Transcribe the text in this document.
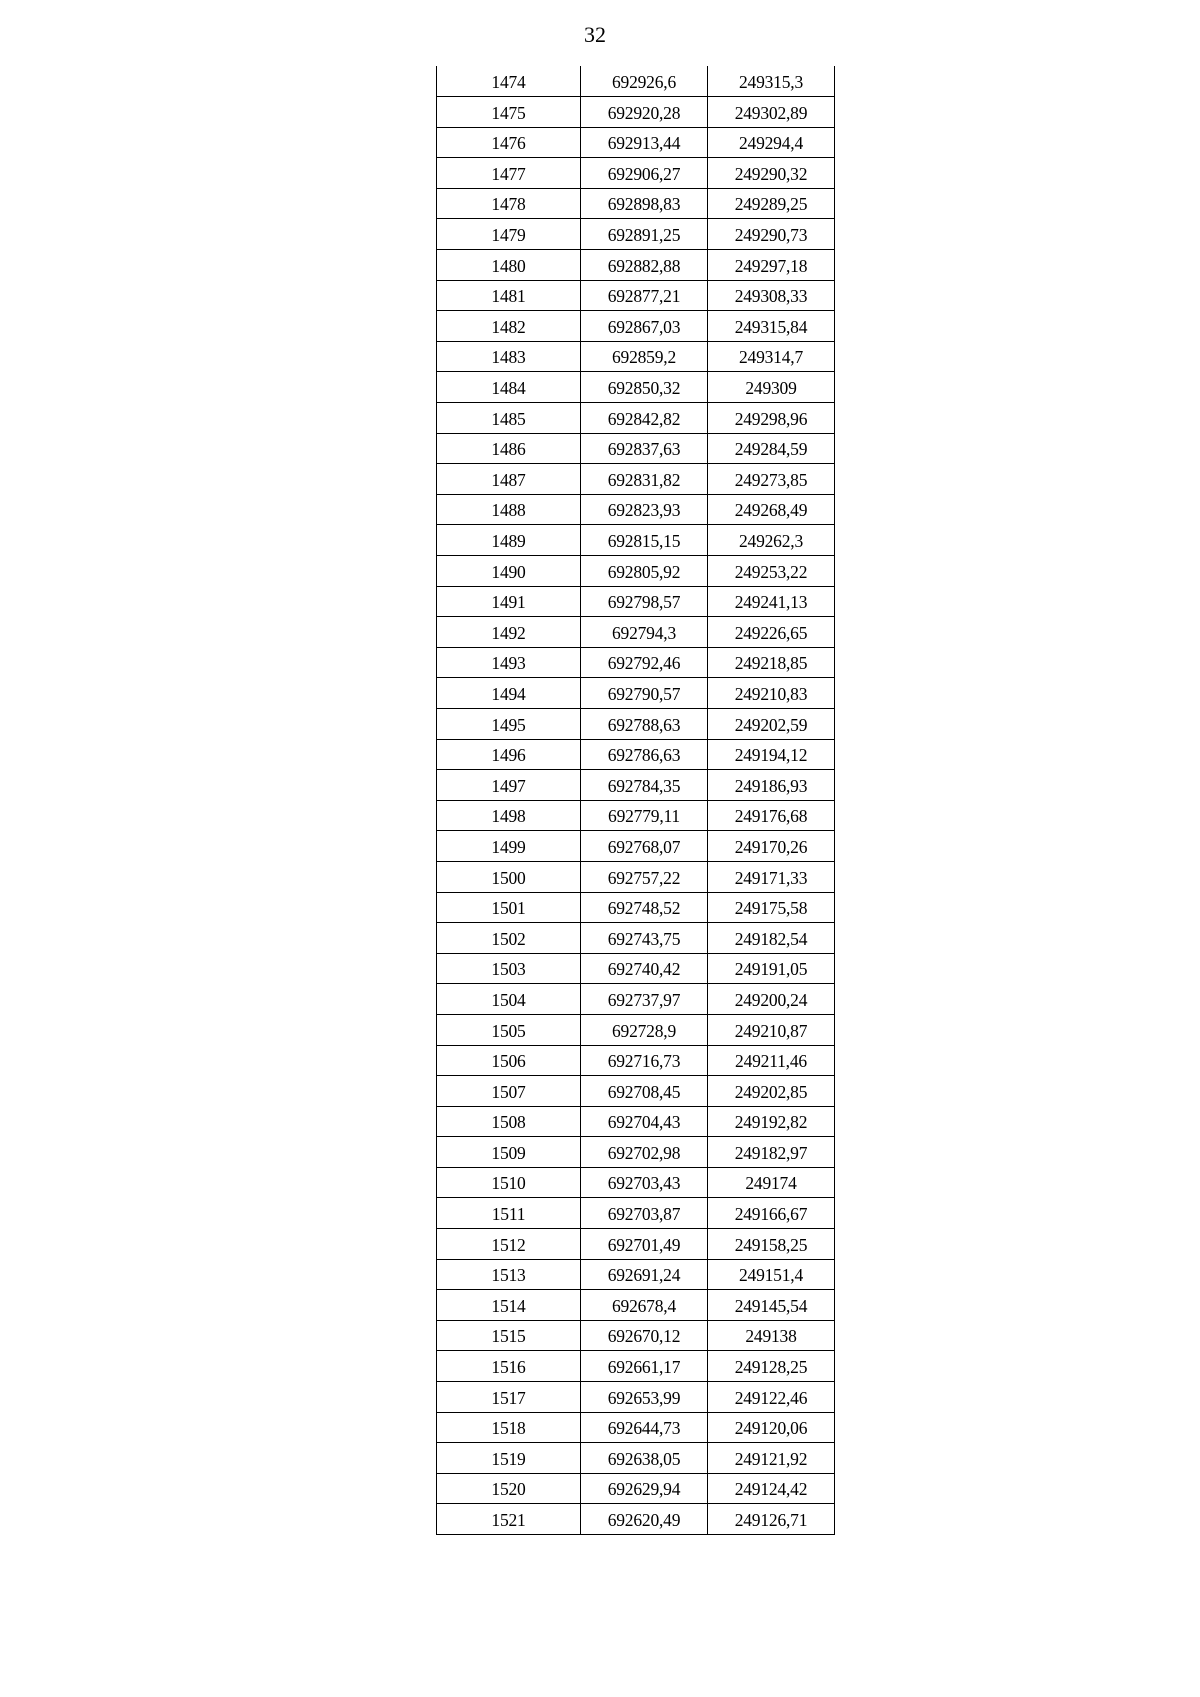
32
1474	692926,6	249315,3
1475	692920,28	249302,89
1476	692913,44	249294,4
1477	692906,27	249290,32
1478	692898,83	249289,25
1479	692891,25	249290,73
1480	692882,88	249297,18
1481	692877,21	249308,33
1482	692867,03	249315,84
1483	692859,2	249314,7
1484	692850,32	249309
1485	692842,82	249298,96
1486	692837,63	249284,59
1487	692831,82	249273,85
1488	692823,93	249268,49
1489	692815,15	249262,3
1490	692805,92	249253,22
1491	692798,57	249241,13
1492	692794,3	249226,65
1493	692792,46	249218,85
1494	692790,57	249210,83
1495	692788,63	249202,59
1496	692786,63	249194,12
1497	692784,35	249186,93
1498	692779,11	249176,68
1499	692768,07	249170,26
1500	692757,22	249171,33
1501	692748,52	249175,58
1502	692743,75	249182,54
1503	692740,42	249191,05
1504	692737,97	249200,24
1505	692728,9	249210,87
1506	692716,73	249211,46
1507	692708,45	249202,85
1508	692704,43	249192,82
1509	692702,98	249182,97
1510	692703,43	249174
1511	692703,87	249166,67
1512	692701,49	249158,25
1513	692691,24	249151,4
1514	692678,4	249145,54
1515	692670,12	249138
1516	692661,17	249128,25
1517	692653,99	249122,46
1518	692644,73	249120,06
1519	692638,05	249121,92
1520	692629,94	249124,42
1521	692620,49	249126,71
